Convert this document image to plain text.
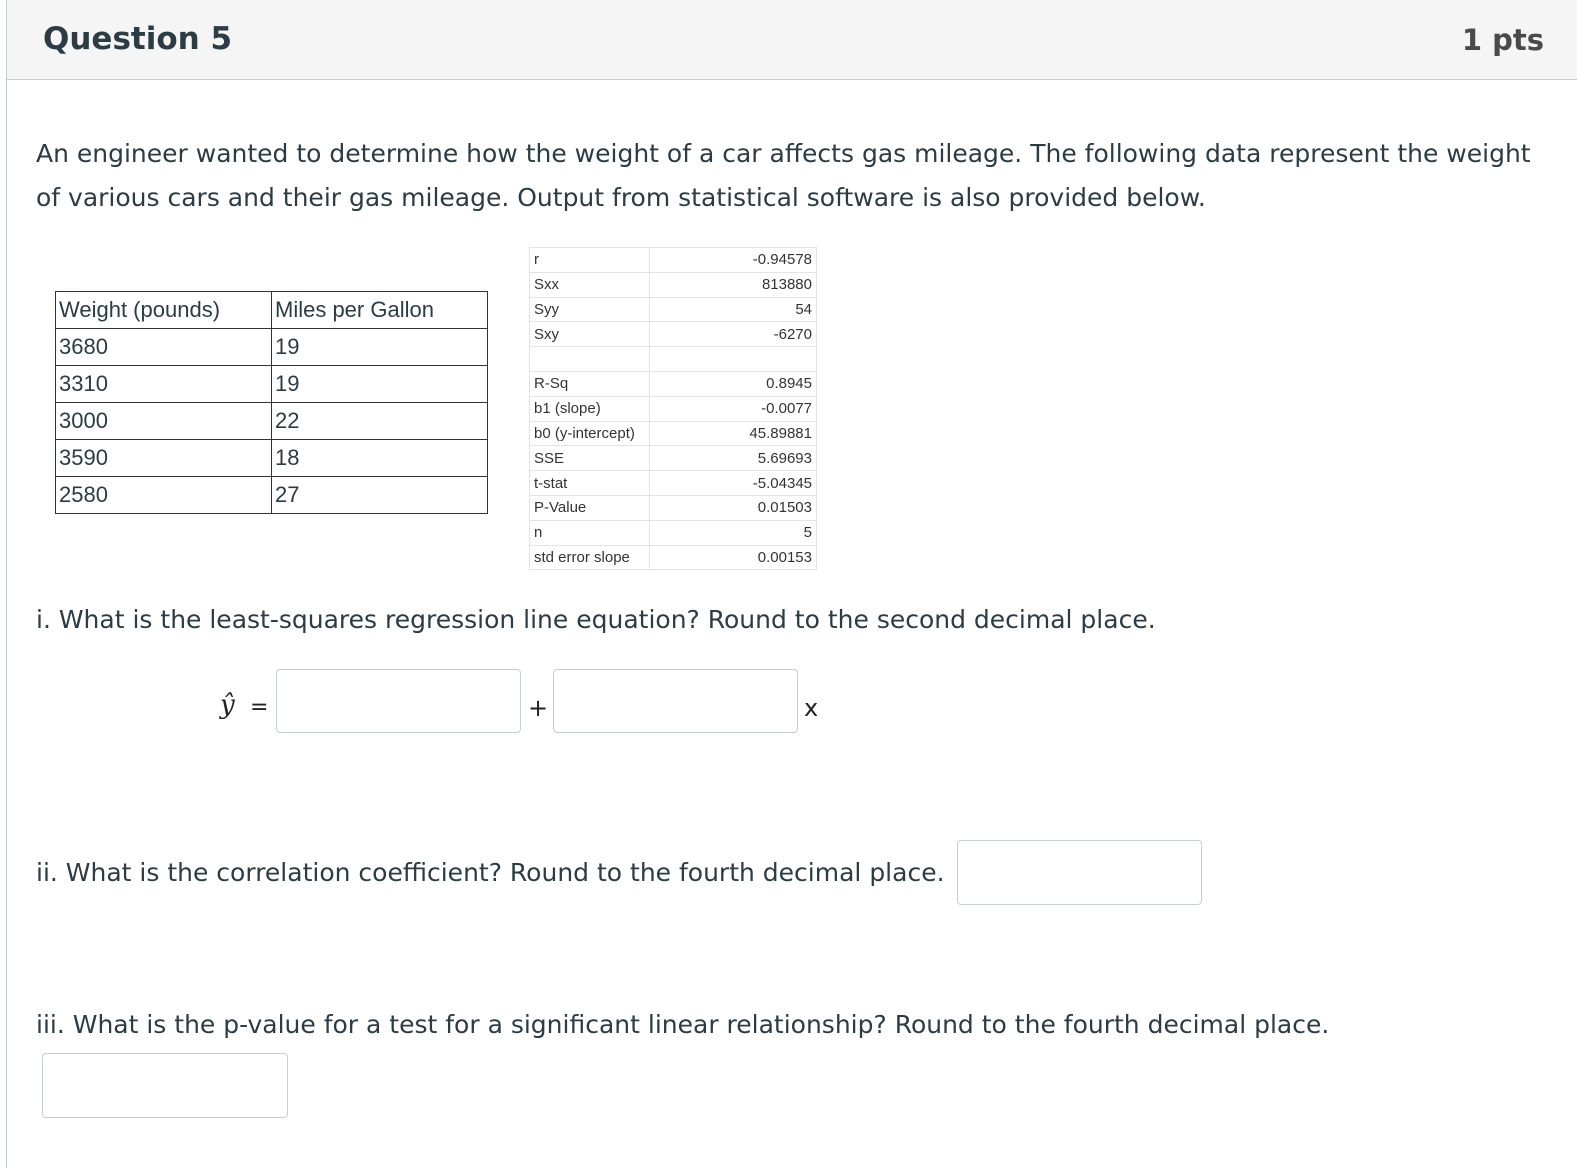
Question 5	1 pts
An engineer wanted to determine how the weight of a car affects gas mileage. The following data represent the weight of various cars and their gas mileage. Output from statistical software is also provided below.
Weight (pounds)	Miles per Gallon
3680	19
3310	19
3000	22
3590	18
2580	27
r	-0.94578
Sxx	813880
Syy	54
Sxy	-6270

R-Sq	0.8945
b1 (slope)	-0.0077
b0 (y-intercept)	45.89881
SSE	5.69693
t-stat	-5.04345
P-Value	0.01503
n	5
std error slope	0.00153
i. What is the least-squares regression line equation? Round to the second decimal place.
ŷ =	+	x
ii. What is the correlation coefficient? Round to the fourth decimal place.
iii. What is the p-value for a test for a significant linear relationship? Round to the fourth decimal place.
